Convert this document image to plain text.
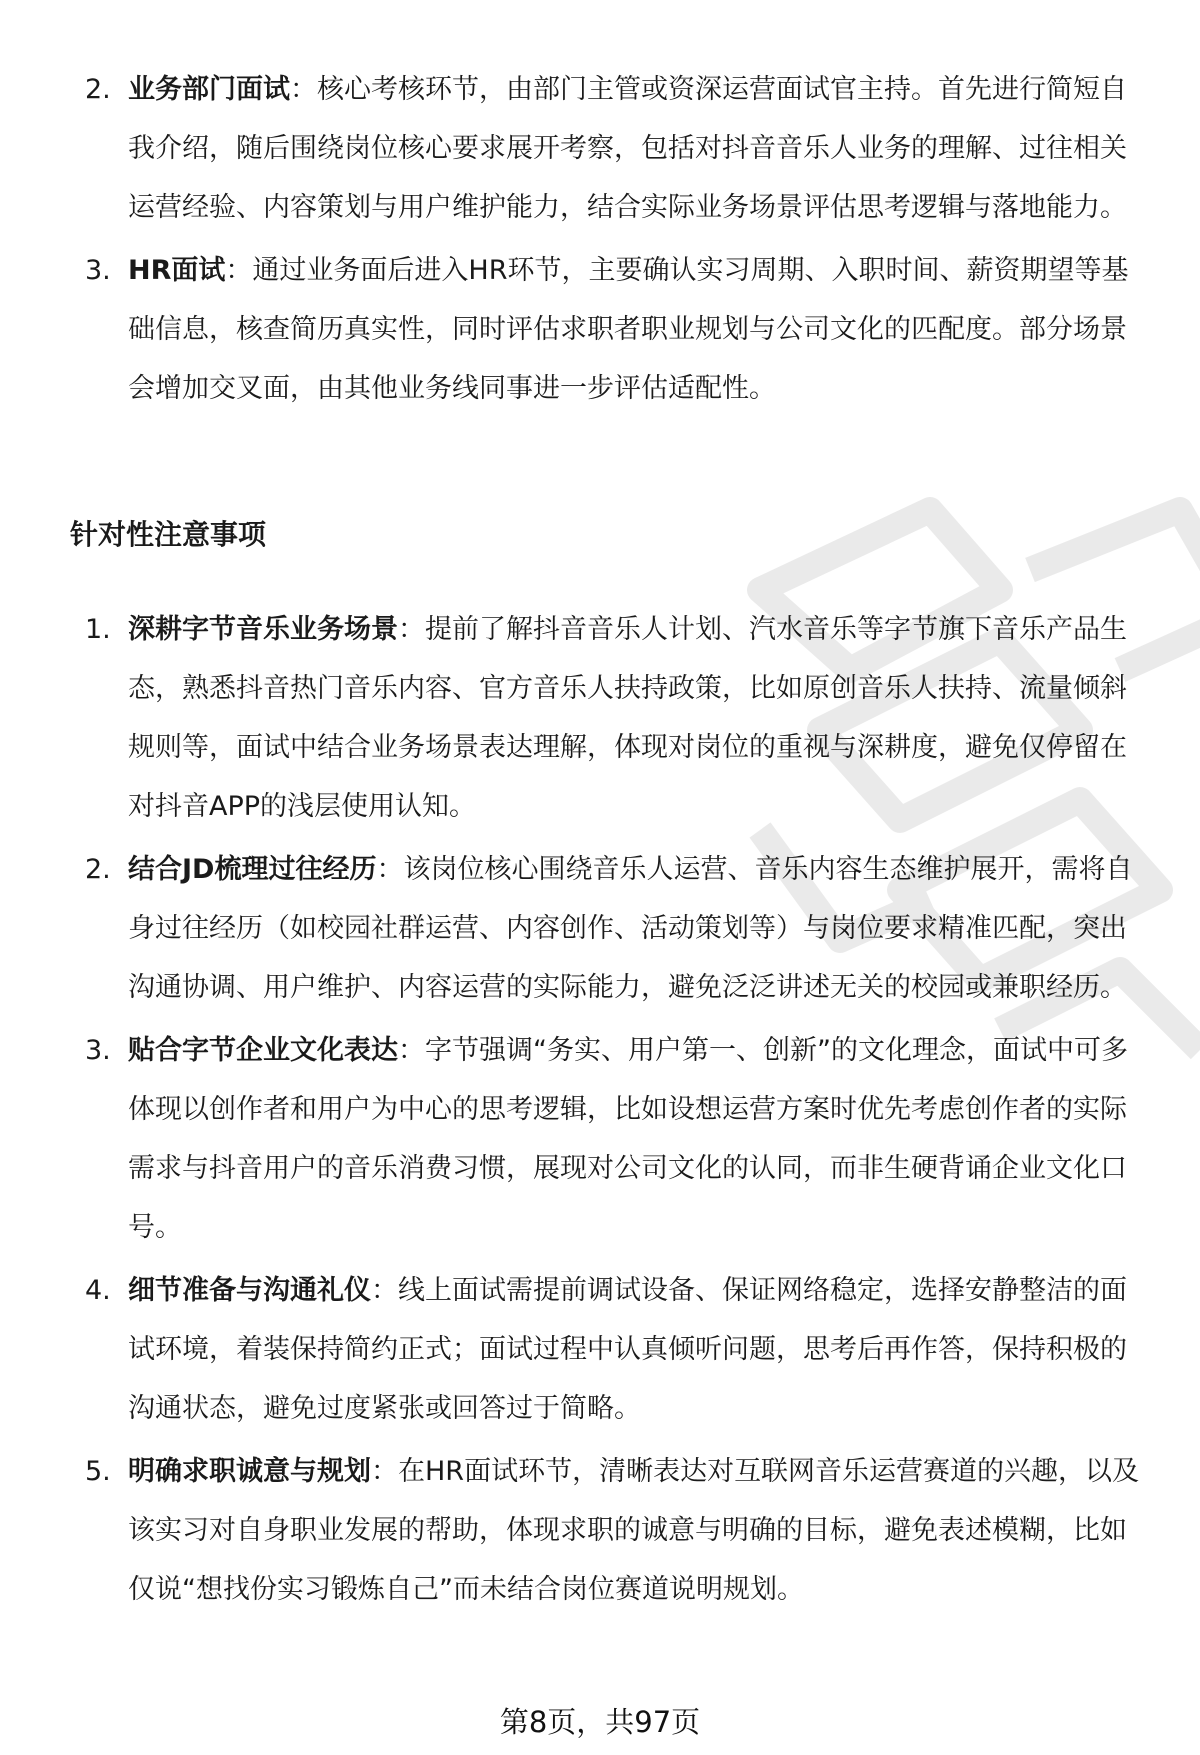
2. 业务部门面试：核心考核环节，由部门主管或资深运营面试官主持。首先进行简短自我介绍，随后围绕岗位核心要求展开考察，包括对抖音音乐人业务的理解、过往相关运营经验、内容策划与用户维护能力，结合实际业务场景评估思考逻辑与落地能力。
3. HR面试：通过业务面后进入HR环节，主要确认实习周期、入职时间、薪资期望等基础信息，核查简历真实性，同时评估求职者职业规划与公司文化的匹配度。部分场景会增加交叉面，由其他业务线同事进一步评估适配性。
针对性注意事项
1. 深耕字节音乐业务场景：提前了解抖音音乐人计划、汽水音乐等字节旗下音乐产品生态，熟悉抖音热门音乐内容、官方音乐人扶持政策，比如原创音乐人扶持、流量倾斜规则等，面试中结合业务场景表达理解，体现对岗位的重视与深耕度，避免仅停留在对抖音APP的浅层使用认知。
2. 结合JD梳理过往经历：该岗位核心围绕音乐人运营、音乐内容生态维护展开，需将自身过往经历（如校园社群运营、内容创作、活动策划等）与岗位要求精准匹配，突出沟通协调、用户维护、内容运营的实际能力，避免泛泛讲述无关的校园或兼职经历。
3. 贴合字节企业文化表达：字节强调“务实、用户第一、创新”的文化理念，面试中可多体现以创作者和用户为中心的思考逻辑，比如设想运营方案时优先考虑创作者的实际需求与抖音用户的音乐消费习惯，展现对公司文化的认同，而非生硬背诵企业文化口号。
4. 细节准备与沟通礼仪：线上面试需提前调试设备、保证网络稳定，选择安静整洁的面试环境，着装保持简约正式；面试过程中认真倾听问题，思考后再作答，保持积极的沟通状态，避免过度紧张或回答过于简略。
5. 明确求职诚意与规划：在HR面试环节，清晰表达对互联网音乐运营赛道的兴趣，以及该实习对自身职业发展的帮助，体现求职的诚意与明确的目标，避免表述模糊，比如仅说“想找份实习锻炼自己”而未结合岗位赛道说明规划。
第8页，共97页
